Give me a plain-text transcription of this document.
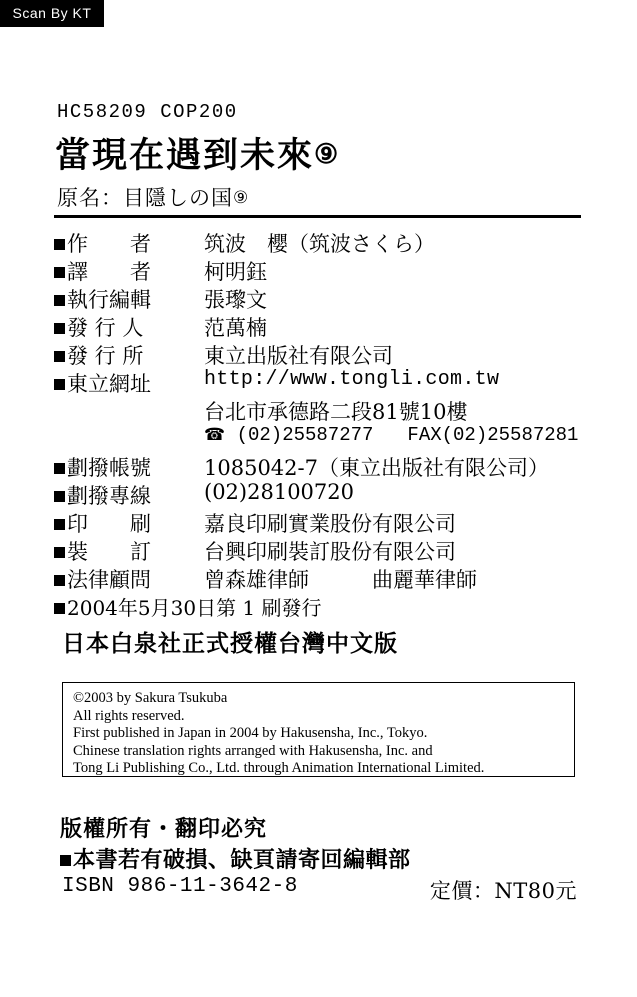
Scan By KT
HC58209 COP200
當現在遇到未來⑨
原名：目隱しの国⑨
作　　者	筑波　櫻（筑波さくら）
譯　　者	柯明鈺
執行編輯	張瓈文
發 行 人	范萬楠
發 行 所	東立出版社有限公司
東立網址	http://www.tongli.com.tw
台北市承德路二段81號10樓
☎ (02)25587277 FAX(02)25587281
劃撥帳號	1085042-7（東立出版社有限公司）
劃撥專線	(02)28100720
印　　刷	嘉良印刷實業股份有限公司
裝　　訂	台興印刷裝訂股份有限公司
法律顧問	曾森雄律師　　　曲麗華律師
2004年5月30日第 1 刷發行
日本白泉社正式授權台灣中文版
©2003 by Sakura Tsukuba
All rights reserved.
First published in Japan in 2004 by Hakusensha, Inc., Tokyo.
Chinese translation rights arranged with Hakusensha, Inc. and
Tong Li Publishing Co., Ltd. through Animation International Limited.
版權所有・翻印必究
本書若有破損、缺頁請寄回編輯部
ISBN 986-11-3642-8	定價：NT80元
